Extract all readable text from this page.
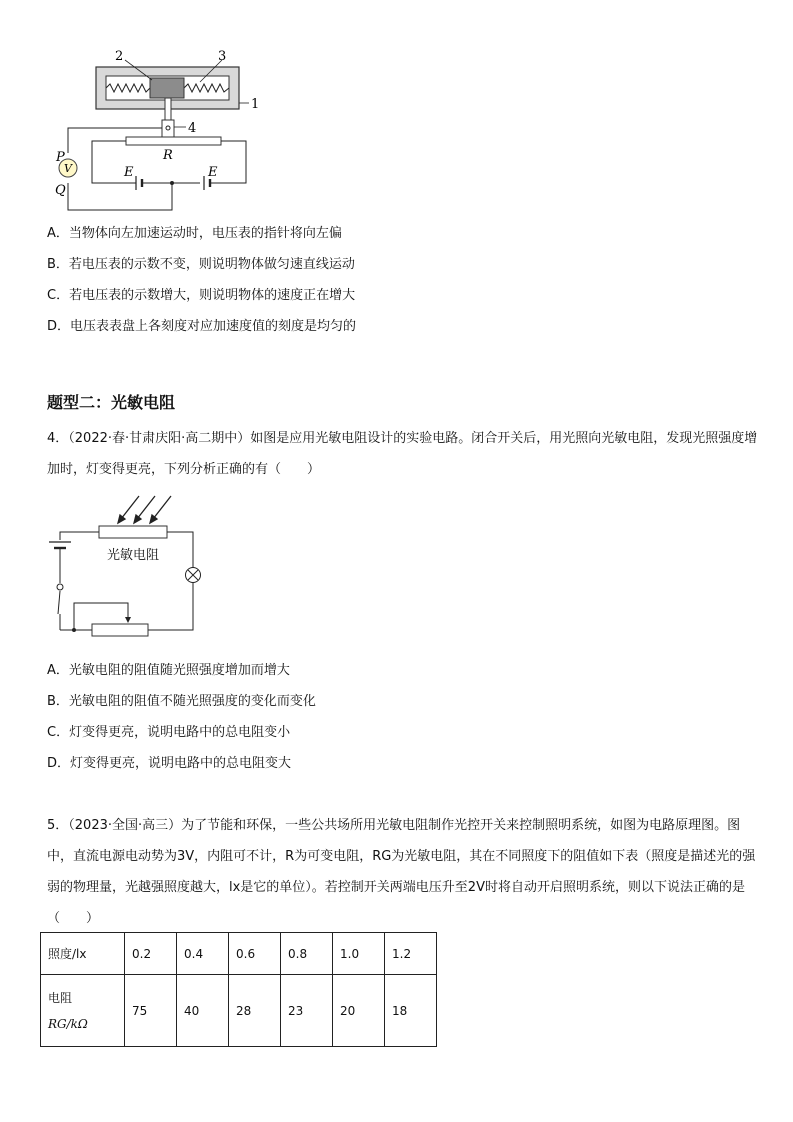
2	3
1
4
R
P
V
Q
E	E
A．当物体向左加速运动时，电压表的指针将向左偏
B．若电压表的示数不变，则说明物体做匀速直线运动
C．若电压表的示数增大，则说明物体的速度正在增大
D．电压表表盘上各刻度对应加速度值的刻度是均匀的
题型二：光敏电阻
4．（2022·春·甘肃庆阳·高二期中）如图是应用光敏电阻设计的实验电路。闭合开关后，用光照向光敏电阻，发现光照强度增加时，灯变得更亮，下列分析正确的有（　　）
光敏电阻
A．光敏电阻的阻值随光照强度增加而增大
B．光敏电阻的阻值不随光照强度的变化而变化
C．灯变得更亮，说明电路中的总电阻变小
D．灯变得更亮，说明电路中的总电阻变大
5．（2023·全国·高三）为了节能和环保，一些公共场所用光敏电阻制作光控开关来控制照明系统，如图为电路原理图。图中，直流电源电动势为3V，内阻可不计，R为可变电阻，RG为光敏电阻，其在不同照度下的阻值如下表（照度是描述光的强弱的物理量，光越强照度越大，lx是它的单位）。若控制开关两端电压升至2V时将自动开启照明系统，则以下说法正确的是（　　）
照度/lx	0.2	0.4	0.6	0.8	1.0	1.2

电阻
RG/kΩ	75	40	28	23	20	18
